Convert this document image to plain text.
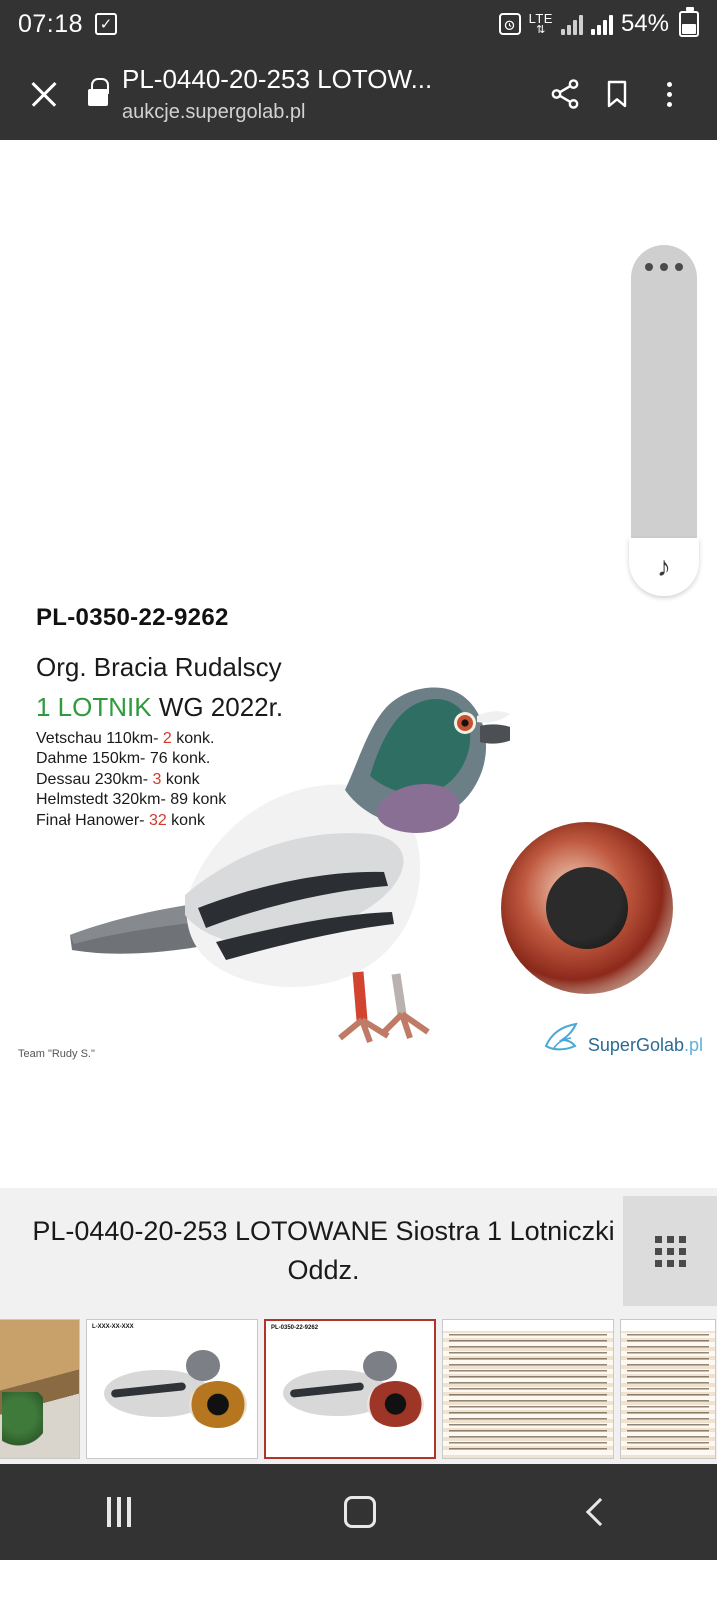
07:18	✓	LTE
⇅	54%
PL-0440-20-253 LOTOW...
aukcje.supergolab.pl
PL-0350-22-9262
Org. Bracia Rudalscy
1 LOTNIK WG 2022r.
Vetschau 110km- 2 konk.
Dahme 150km- 76 konk.
Dessau 230km- 3 konk
Helmstedt 320km- 89 konk
Finał Hanower- 32 konk
Team "Rudy S."	SuperGolab.pl
♪
PL-0440-20-253 LOTOWANE Siostra 1 Lotniczki Oddz.
L-XXX-XX-XXX	PL-0350-22-9262
